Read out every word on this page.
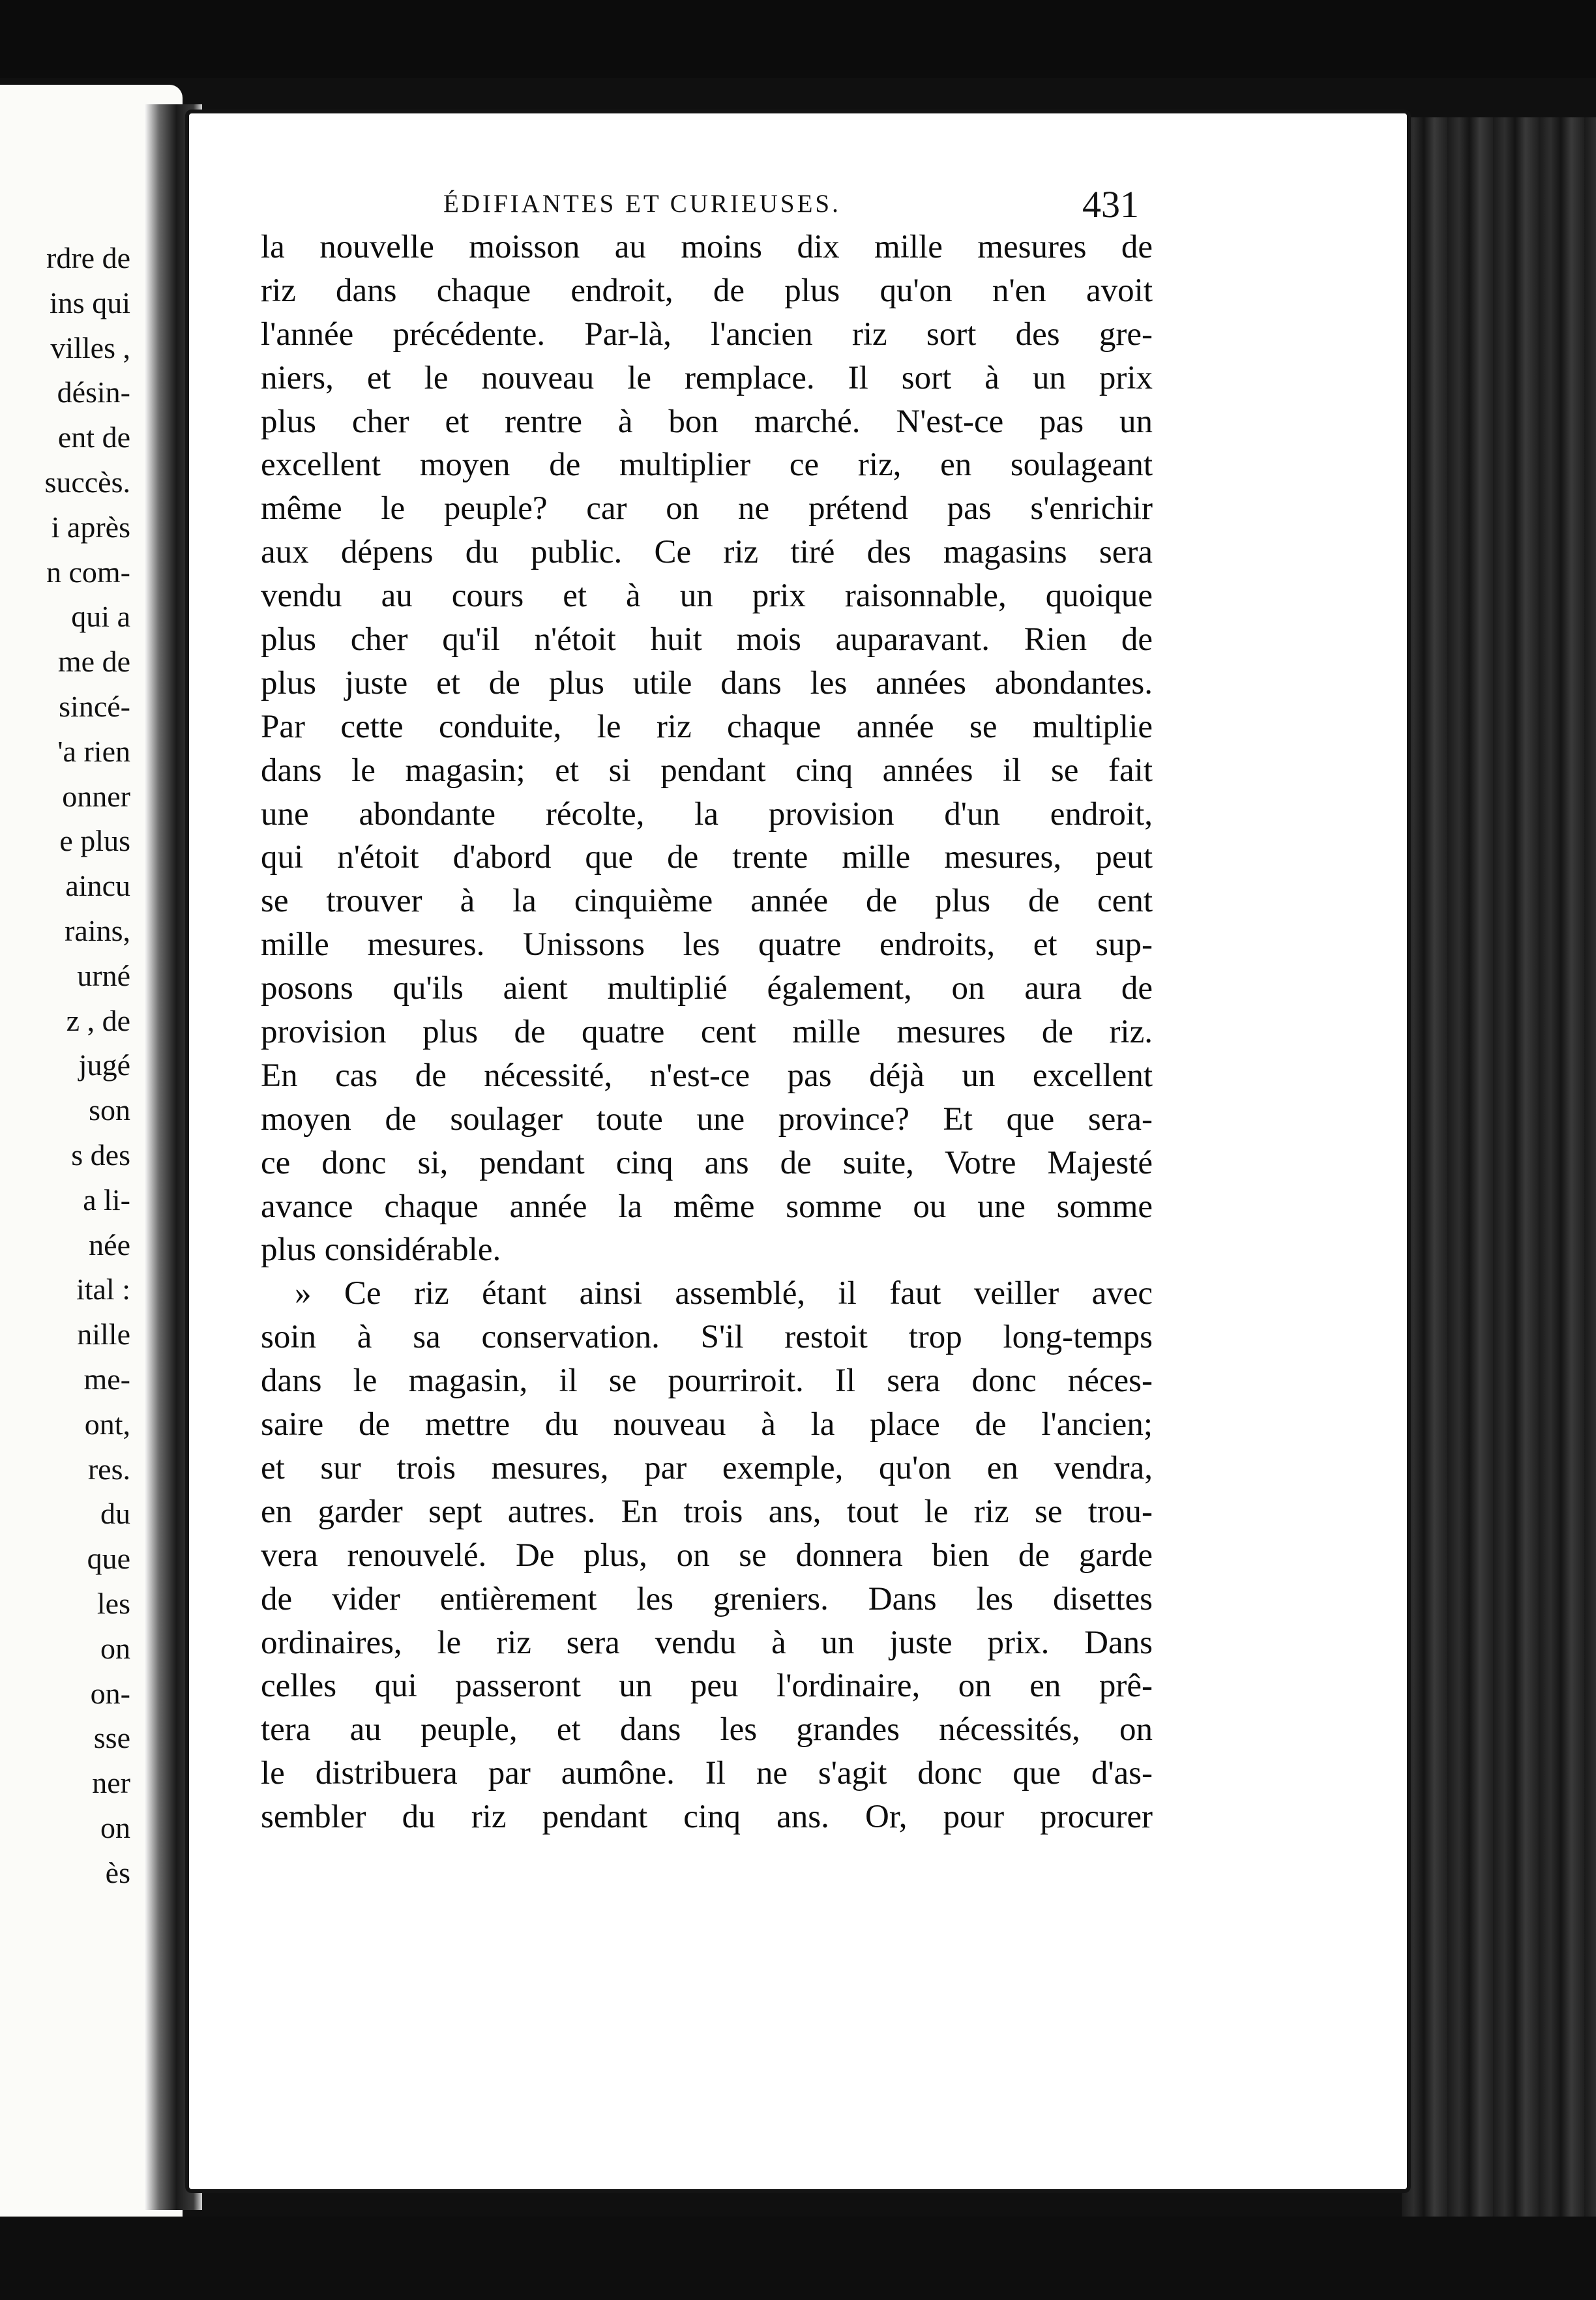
rdre de
ins qui
villes ,
désin-
ent de
succès.
i après
n com-
qui a
me de
sincé-
'a rien
onner
e plus
aincu
rains,
urné
z , de
jugé
son
s des
a li-
née
ital :
nille
me-
ont,
res.
du
que
les
on
on-
sse
ner
on
ès
ÉDIFIANTES ET CURIEUSES.	431
la nouvelle moisson au moins dix mille mesures de
riz dans chaque endroit, de plus qu'on n'en avoit
l'année précédente. Par-là, l'ancien riz sort des gre-
niers, et le nouveau le remplace. Il sort à un prix
plus cher et rentre à bon marché. N'est-ce pas un
excellent moyen de multiplier ce riz, en soulageant
même le peuple? car on ne prétend pas s'enrichir
aux dépens du public. Ce riz tiré des magasins sera
vendu au cours et à un prix raisonnable, quoique
plus cher qu'il n'étoit huit mois auparavant. Rien de
plus juste et de plus utile dans les années abondantes.
Par cette conduite, le riz chaque année se multiplie
dans le magasin; et si pendant cinq années il se fait
une abondante récolte, la provision d'un endroit,
qui n'étoit d'abord que de trente mille mesures, peut
se trouver à la cinquième année de plus de cent
mille mesures. Unissons les quatre endroits, et sup-
posons qu'ils aient multiplié également, on aura de
provision plus de quatre cent mille mesures de riz.
En cas de nécessité, n'est-ce pas déjà un excellent
moyen de soulager toute une province? Et que sera-
ce donc si, pendant cinq ans de suite, Votre Majesté
avance chaque année la même somme ou une somme
plus considérable.
» Ce riz étant ainsi assemblé, il faut veiller avec
soin à sa conservation. S'il restoit trop long-temps
dans le magasin, il se pourriroit. Il sera donc néces-
saire de mettre du nouveau à la place de l'ancien;
et sur trois mesures, par exemple, qu'on en vendra,
en garder sept autres. En trois ans, tout le riz se trou-
vera renouvelé. De plus, on se donnera bien de garde
de vider entièrement les greniers. Dans les disettes
ordinaires, le riz sera vendu à un juste prix. Dans
celles qui passeront un peu l'ordinaire, on en prê-
tera au peuple, et dans les grandes nécessités, on
le distribuera par aumône. Il ne s'agit donc que d'as-
sembler du riz pendant cinq ans. Or, pour procurer
